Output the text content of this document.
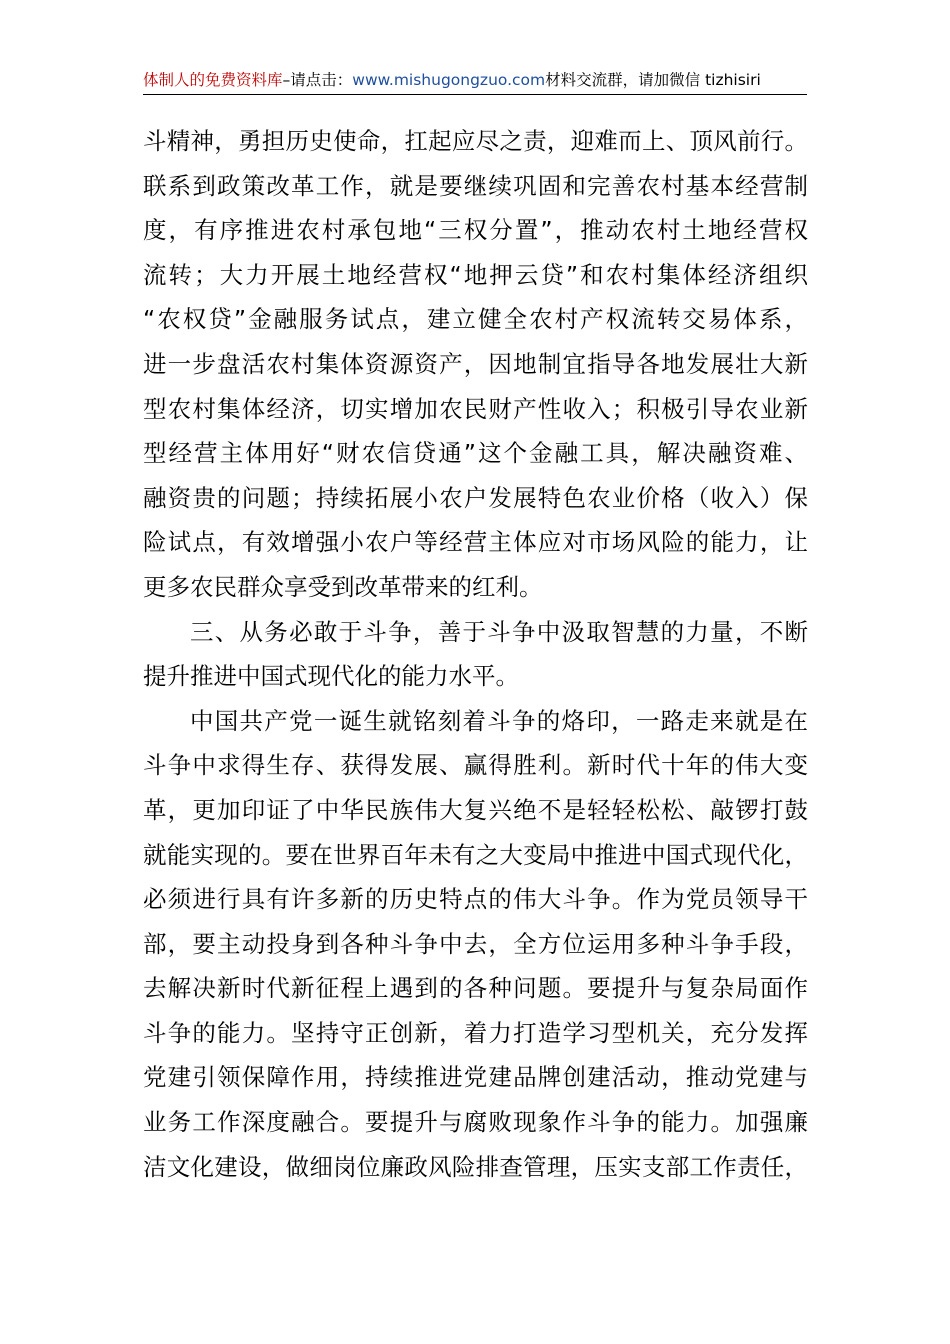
体制人的免费资料库–请点击：www.mishugongzuo.com材料交流群，请加微信 tizhisiri
斗精神，勇担历史使命，扛起应尽之责，迎难而上、顶风前行。
联系到政策改革工作，就是要继续巩固和完善农村基本经营制
度，有序推进农村承包地“三权分置”，推动农村土地经营权
流转；大力开展土地经营权“地押云贷”和农村集体经济组织
“农权贷”金融服务试点，建立健全农村产权流转交易体系，
进一步盘活农村集体资源资产，因地制宜指导各地发展壮大新
型农村集体经济，切实增加农民财产性收入；积极引导农业新
型经营主体用好“财农信贷通”这个金融工具，解决融资难、
融资贵的问题；持续拓展小农户发展特色农业价格（收入）保
险试点，有效增强小农户等经营主体应对市场风险的能力，让
更多农民群众享受到改革带来的红利。
三、从务必敢于斗争，善于斗争中汲取智慧的力量，不断
提升推进中国式现代化的能力水平。
中国共产党一诞生就铭刻着斗争的烙印，一路走来就是在
斗争中求得生存、获得发展、赢得胜利。新时代十年的伟大变
革，更加印证了中华民族伟大复兴绝不是轻轻松松、敲锣打鼓
就能实现的。要在世界百年未有之大变局中推进中国式现代化，
必须进行具有许多新的历史特点的伟大斗争。作为党员领导干
部，要主动投身到各种斗争中去，全方位运用多种斗争手段，
去解决新时代新征程上遇到的各种问题。要提升与复杂局面作
斗争的能力。坚持守正创新，着力打造学习型机关，充分发挥
党建引领保障作用，持续推进党建品牌创建活动，推动党建与
业务工作深度融合。要提升与腐败现象作斗争的能力。加强廉
洁文化建设，做细岗位廉政风险排查管理，压实支部工作责任，
